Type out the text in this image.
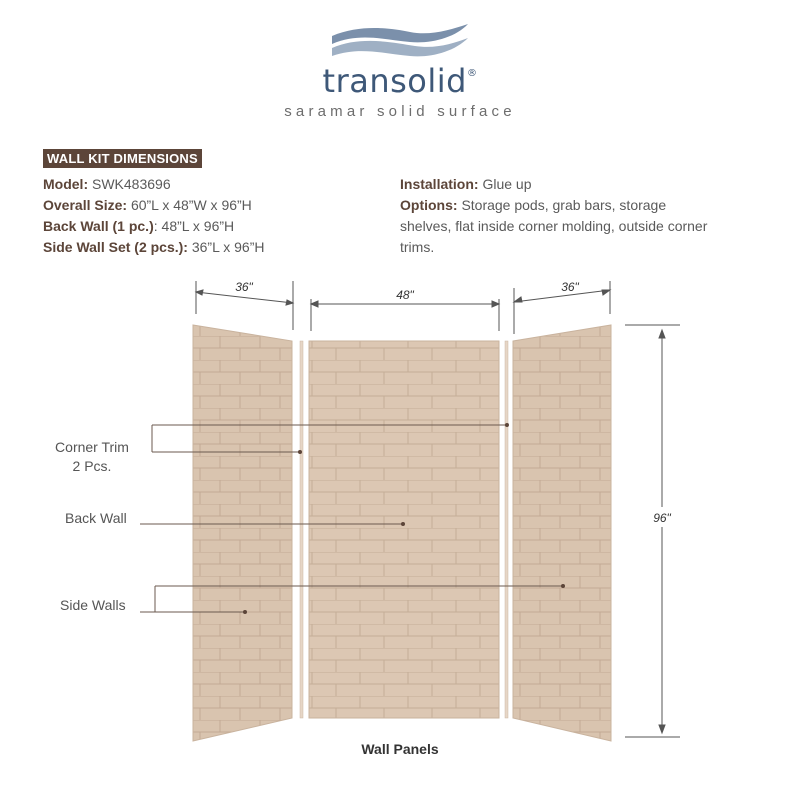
transolid®
saramar solid surface
WALL KIT DIMENSIONS
Model: SWK483696
Overall Size: 60”L x 48”W x 96”H
Back Wall (1 pc.): 48”L x 96”H
Side Wall Set (2 pcs.): 36”L x 96”H
Installation: Glue up
Options: Storage pods, grab bars, storage shelves, flat inside corner molding, outside corner trims.
36"
48"
36"
96"
Corner Trim
2 Pcs.
Back Wall
Side Walls
Wall Panels
